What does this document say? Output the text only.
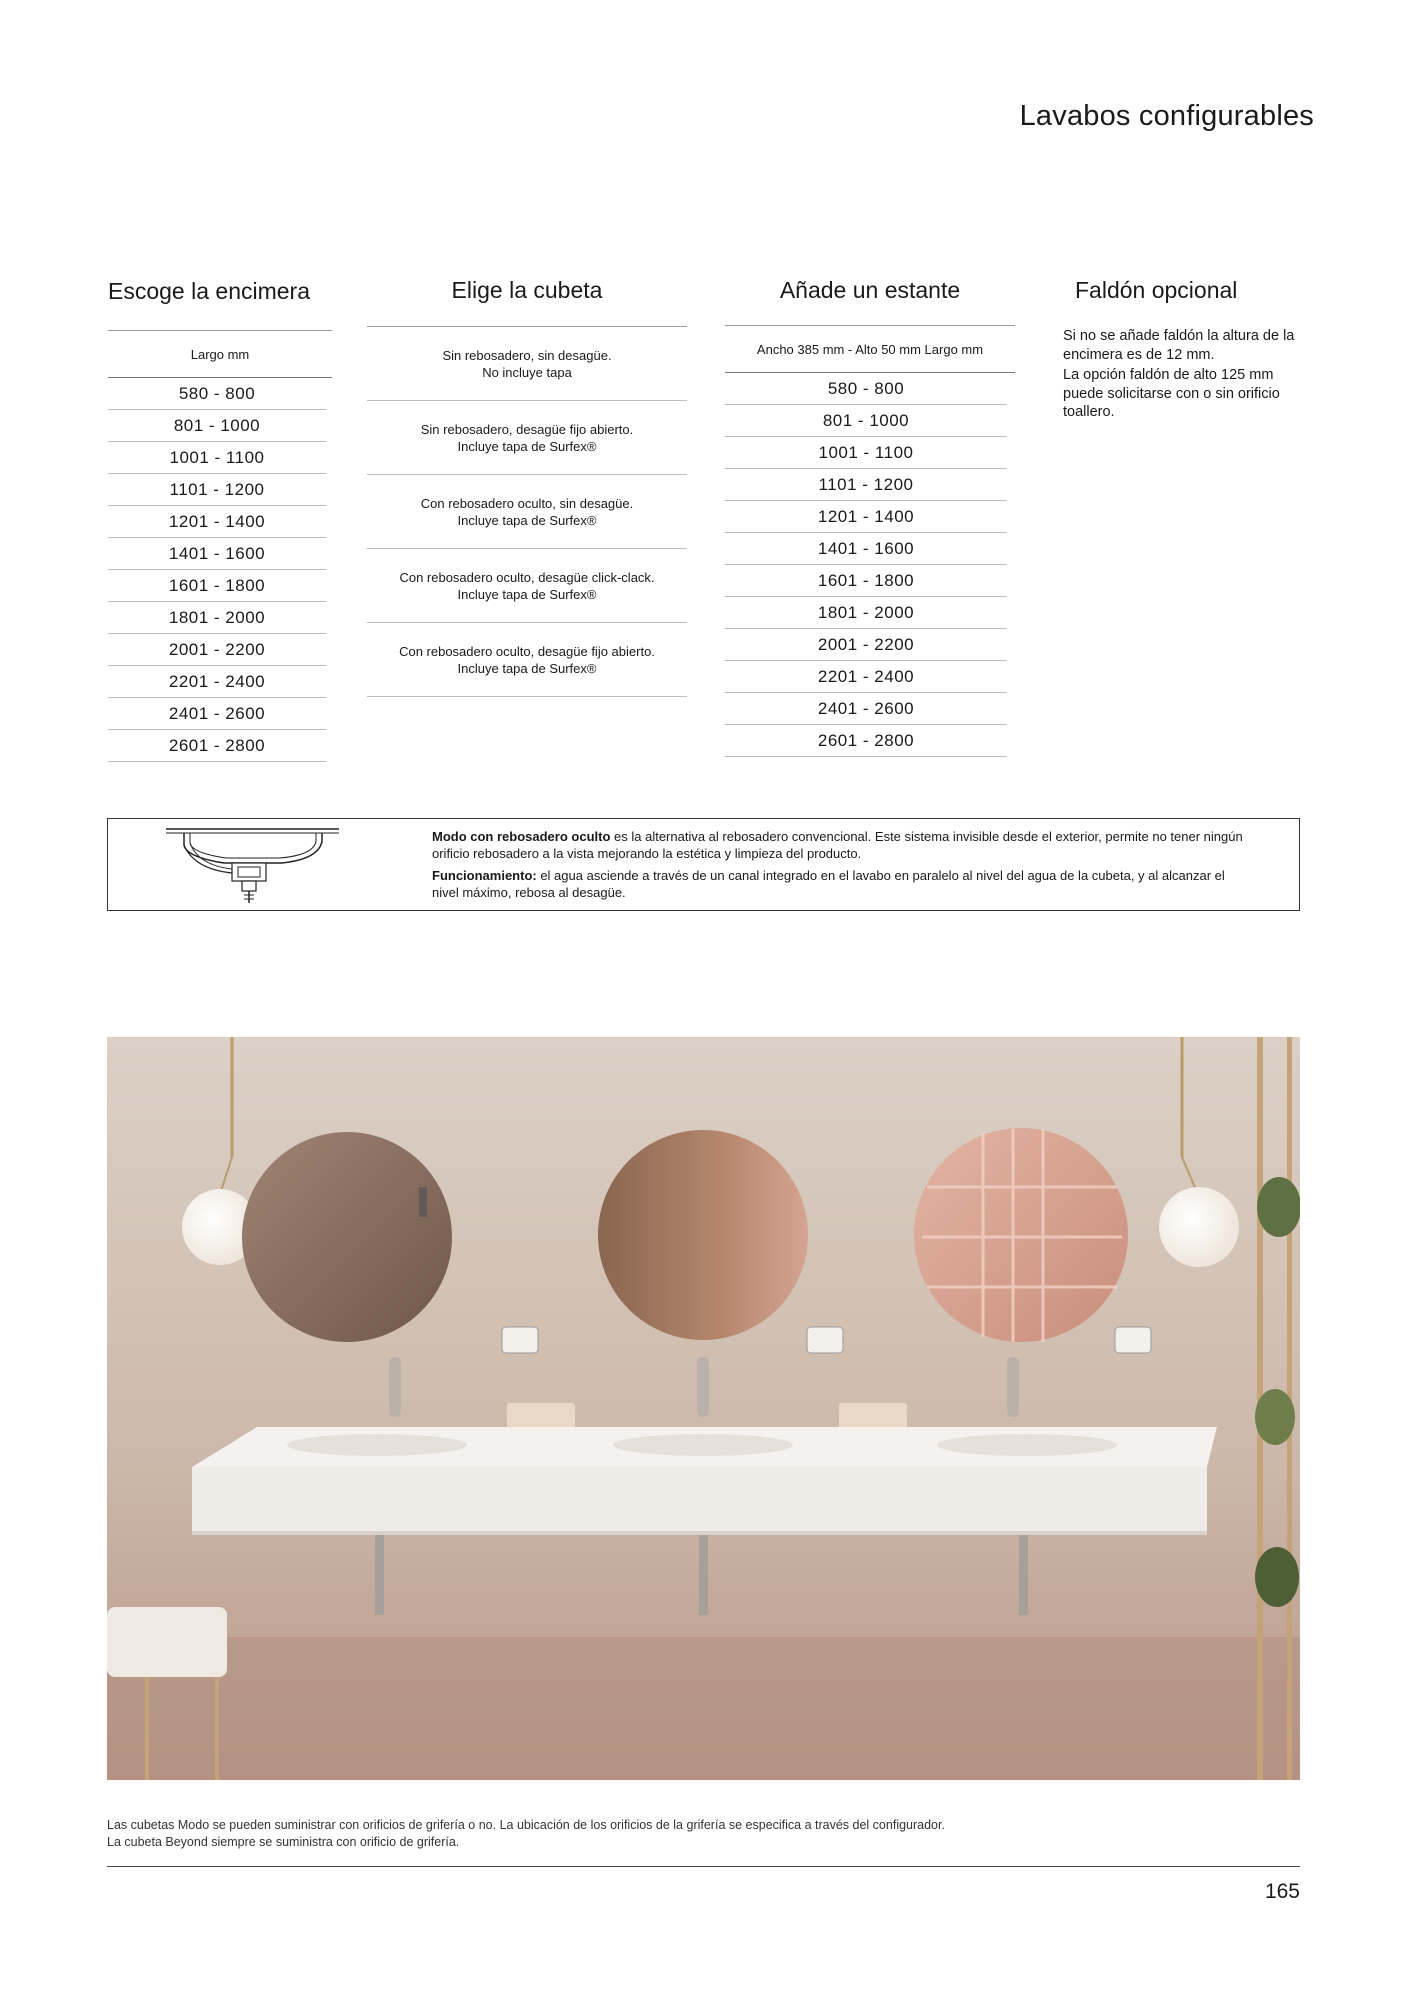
Lavabos configurables
Escoge la encimera
Largo mm
580 - 800
801 - 1000
1001 - 1100
1101 - 1200
1201 - 1400
1401 - 1600
1601 - 1800
1801 - 2000
2001 - 2200
2201 - 2400
2401 - 2600
2601 - 2800
Elige la cubeta
Sin rebosadero, sin desagüe.
No incluye tapa
Sin rebosadero, desagüe fijo abierto.
Incluye tapa de Surfex®
Con rebosadero oculto, sin desagüe.
Incluye tapa de Surfex®
Con rebosadero oculto, desagüe click-clack.
Incluye tapa de Surfex®
Con rebosadero oculto, desagüe fijo abierto.
Incluye tapa de Surfex®
Añade un estante
Ancho 385 mm - Alto 50 mm Largo mm
580 - 800
801 - 1000
1001 - 1100
1101 - 1200
1201 - 1400
1401 - 1600
1601 - 1800
1801 - 2000
2001 - 2200
2201 - 2400
2401 - 2600
2601 - 2800
Faldón opcional
Si no se añade faldón la altura de la encimera es de 12 mm.
La opción faldón de alto 125 mm puede solicitarse con o sin orificio toallero.

Modo con rebosadero oculto es la alternativa al rebosadero convencional. Este sistema invisible desde el exterior, permite no tener ningún orificio rebosadero a la vista mejorando la estética y limpieza del producto.

Funcionamiento: el agua asciende a través de un canal integrado en el lavabo en paralelo al nivel del agua de la cubeta, y al alcanzar el nivel máximo, rebosa al desagüe.

Las cubetas Modo se pueden suministrar con orificios de grifería o no. La ubicación de los orificios de la grifería se especifica a través del configurador.
La cubeta Beyond siempre se suministra con orificio de grifería.
165
